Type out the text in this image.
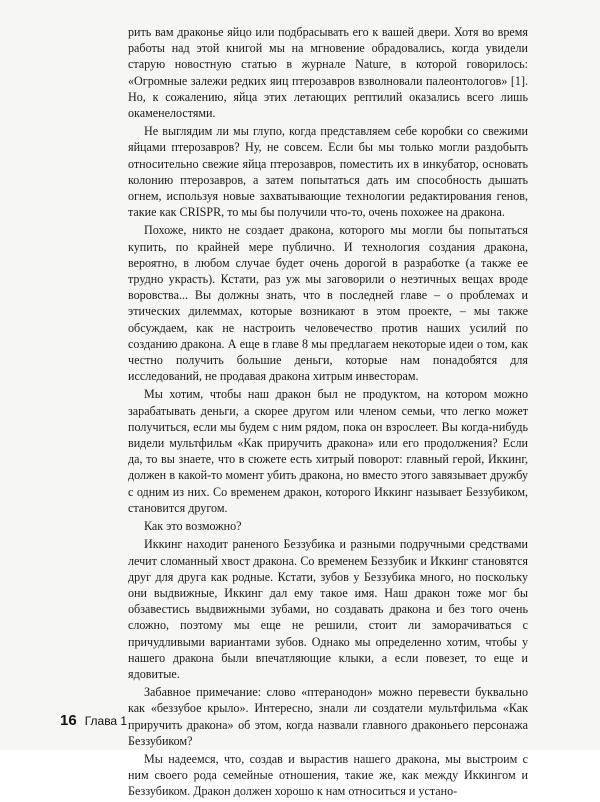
рить вам драконье яйцо или подбрасывать его к вашей двери. Хотя во время работы над этой книгой мы на мгновение обрадовались, когда увидели старую новостную статью в журнале Nature, в которой говорилось: «Огромные залежи редких яиц птерозавров взволновали палеонтологов» [1]. Но, к сожалению, яйца этих летающих рептилий оказались всего лишь окаменелостями.

Не выглядим ли мы глупо, когда представляем себе коробки со свежими яйцами птерозавров? Ну, не совсем. Если бы мы только могли раздобыть относительно свежие яйца птерозавров, поместить их в инкубатор, основать колонию птерозавров, а затем попытаться дать им способность дышать огнем, используя новые захватывающие технологии редактирования генов, такие как CRISPR, то мы бы получили что-то, очень похожее на дракона.

Похоже, никто не создает дракона, которого мы могли бы попытаться купить, по крайней мере публично. И технология создания дракона, вероятно, в любом случае будет очень дорогой в разработке (а также ее трудно украсть). Кстати, раз уж мы заговорили о неэтичных вещах вроде воровства... Вы должны знать, что в последней главе – о проблемах и этических дилеммах, которые возникают в этом проекте, – мы также обсуждаем, как не настроить человечество против наших усилий по созданию дракона. А еще в главе 8 мы предлагаем некоторые идеи о том, как честно получить большие деньги, которые нам понадобятся для исследований, не продавая дракона хитрым инвесторам.

Мы хотим, чтобы наш дракон был не продуктом, на котором можно зарабатывать деньги, а скорее другом или членом семьи, что легко может получиться, если мы будем с ним рядом, пока он взрослеет. Вы когда-нибудь видели мультфильм «Как приручить дракона» или его продолжения? Если да, то вы знаете, что в сюжете есть хитрый поворот: главный герой, Иккинг, должен в какой-то момент убить дракона, но вместо этого завязывает дружбу с одним из них. Со временем дракон, которого Иккинг называет Беззубиком, становится другом.

Как это возможно?

Иккинг находит раненого Беззубика и разными подручными средствами лечит сломанный хвост дракона. Со временем Беззубик и Иккинг становятся друг для друга как родные. Кстати, зубов у Беззубика много, но поскольку они выдвижные, Иккинг дал ему такое имя. Наш дракон тоже мог бы обзавестись выдвижными зубами, но создавать дракона и без того очень сложно, поэтому мы еще не решили, стоит ли заморачиваться с причудливыми вариантами зубов. Однако мы определенно хотим, чтобы у нашего дракона были впечатляющие клыки, а если повезет, то еще и ядовитые.

Забавное примечание: слово «птеранодон» можно перевести буквально как «беззубое крыло». Интересно, знали ли создатели мультфильма «Как приручить дракона» об этом, когда назвали главного драконьего персонажа Беззубиком?

Мы надеемся, что, создав и вырастив нашего дракона, мы выстроим с ним своего рода семейные отношения, такие же, как между Иккингом и Беззубиком. Дракон должен хорошо к нам относиться и устано-

16 Глава 1
